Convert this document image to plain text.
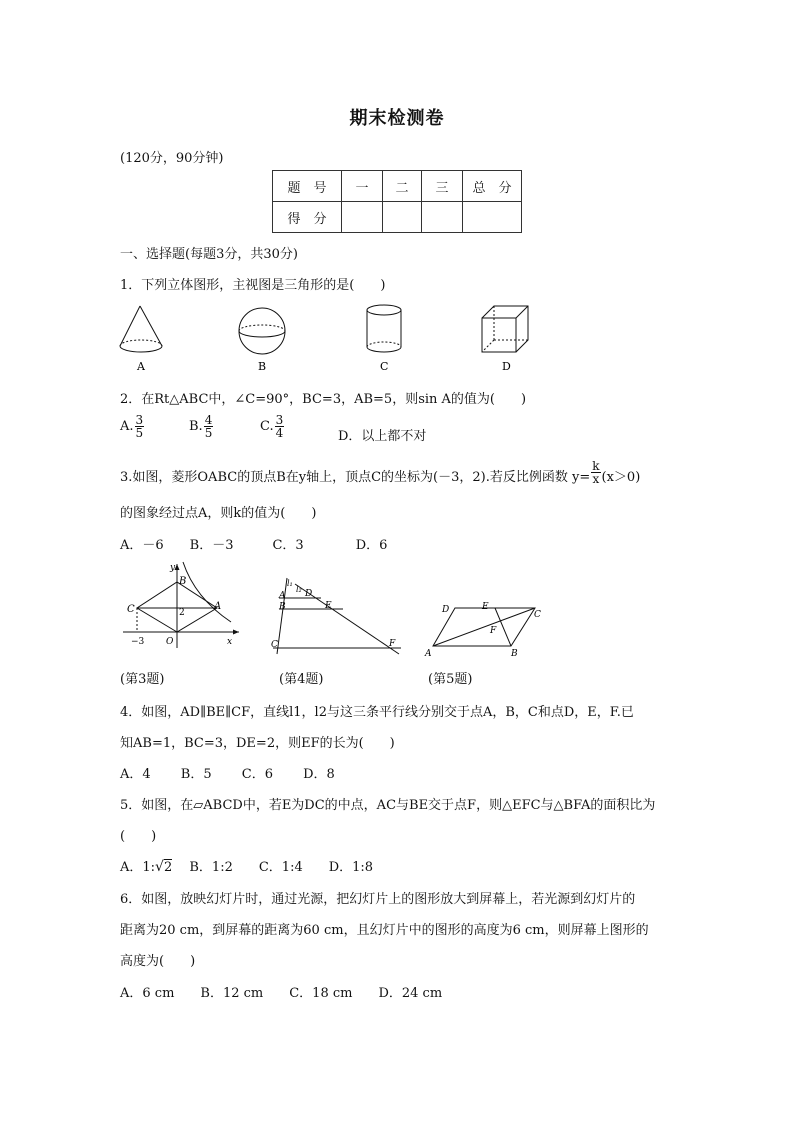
期末检测卷
(120分，90分钟)
题　号	一	二	三	总　分
得　分				
一、选择题(每题3分，共30分)
1．下列立体图形，主视图是三角形的是(　　)
A	B	C	D
2．在Rt△ABC中，∠C=90°，BC=3，AB=5，则sin A的值为(　　)
A. $\frac{3}{5}$	B. $\frac{4}{5}$	C. $\frac{3}{4}$	D．以上都不对
3.如图，菱形OABC的顶点B在y轴上，顶点C的坐标为(－3，2).若反比例函数 $y= \frac{k}{x} (x>0)$
的图象经过点A，则k的值为(　　)
A．－6　　B．－3　　　C．3　　　　D．6
y
x
B
C	A
O
−3
2
l₁
l₂
A D
B	E
C	F
D	E
C
F
A	B
(第3题)	(第4题)	(第5题)
4．如图，AD∥BE∥CF，直线l1，l2与这三条平行线分别交于点A，B，C和点D，E，F.已
知AB=1，BC=3，DE=2，则EF的长为(　　)
A．4　　 B．5　　 C．6　　 D．8
5．如图，在▱ABCD中，若E为DC的中点，AC与BE交于点F，则△EFC与△BFA的面积比为
(　　)
A．1:√2　 B．1:2　　C．1:4　　D．1:8
6．如图，放映幻灯片时，通过光源，把幻灯片上的图形放大到屏幕上，若光源到幻灯片的
距离为20 cm，到屏幕的距离为60 cm，且幻灯片中的图形的高度为6 cm，则屏幕上图形的
高度为(　　)
A．6 cm　　B．12 cm　　C．18 cm　　D．24 cm
